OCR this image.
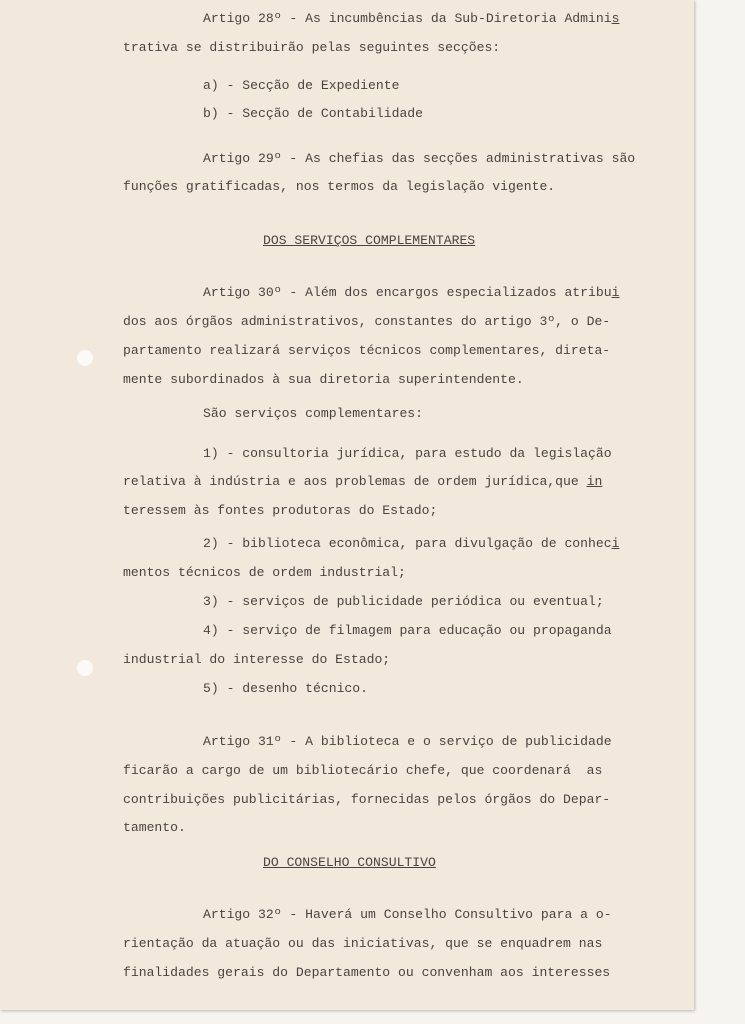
Artigo 28º - As incumbências da Sub-Diretoria Adminis
trativa se distribuirão pelas seguintes secções:
a) - Secção de Expediente
b) - Secção de Contabilidade
Artigo 29º - As chefias das secções administrativas são
funções gratificadas, nos termos da legislação vigente.
DOS SERVIÇOS COMPLEMENTARES
Artigo 30º - Além dos encargos especializados atribui
dos aos órgãos administrativos, constantes do artigo 3º, o De-
partamento realizará serviços técnicos complementares, direta-
mente subordinados à sua diretoria superintendente.
São serviços complementares:
1) - consultoria jurídica, para estudo da legislação
relativa à indústria e aos problemas de ordem jurídica,que in
teressem às fontes produtoras do Estado;
2) - biblioteca econômica, para divulgação de conheci
mentos técnicos de ordem industrial;
3) - serviços de publicidade periódica ou eventual;
4) - serviço de filmagem para educação ou propaganda
industrial do interesse do Estado;
5) - desenho técnico.
Artigo 31º - A biblioteca e o serviço de publicidade
ficarão a cargo de um bibliotecário chefe, que coordenará  as
contribuições publicitárias, fornecidas pelos órgãos do Depar-
tamento.
DO CONSELHO CONSULTIVO
Artigo 32º - Haverá um Conselho Consultivo para a o-
rientação da atuação ou das iniciativas, que se enquadrem nas
finalidades gerais do Departamento ou convenham aos interesses
